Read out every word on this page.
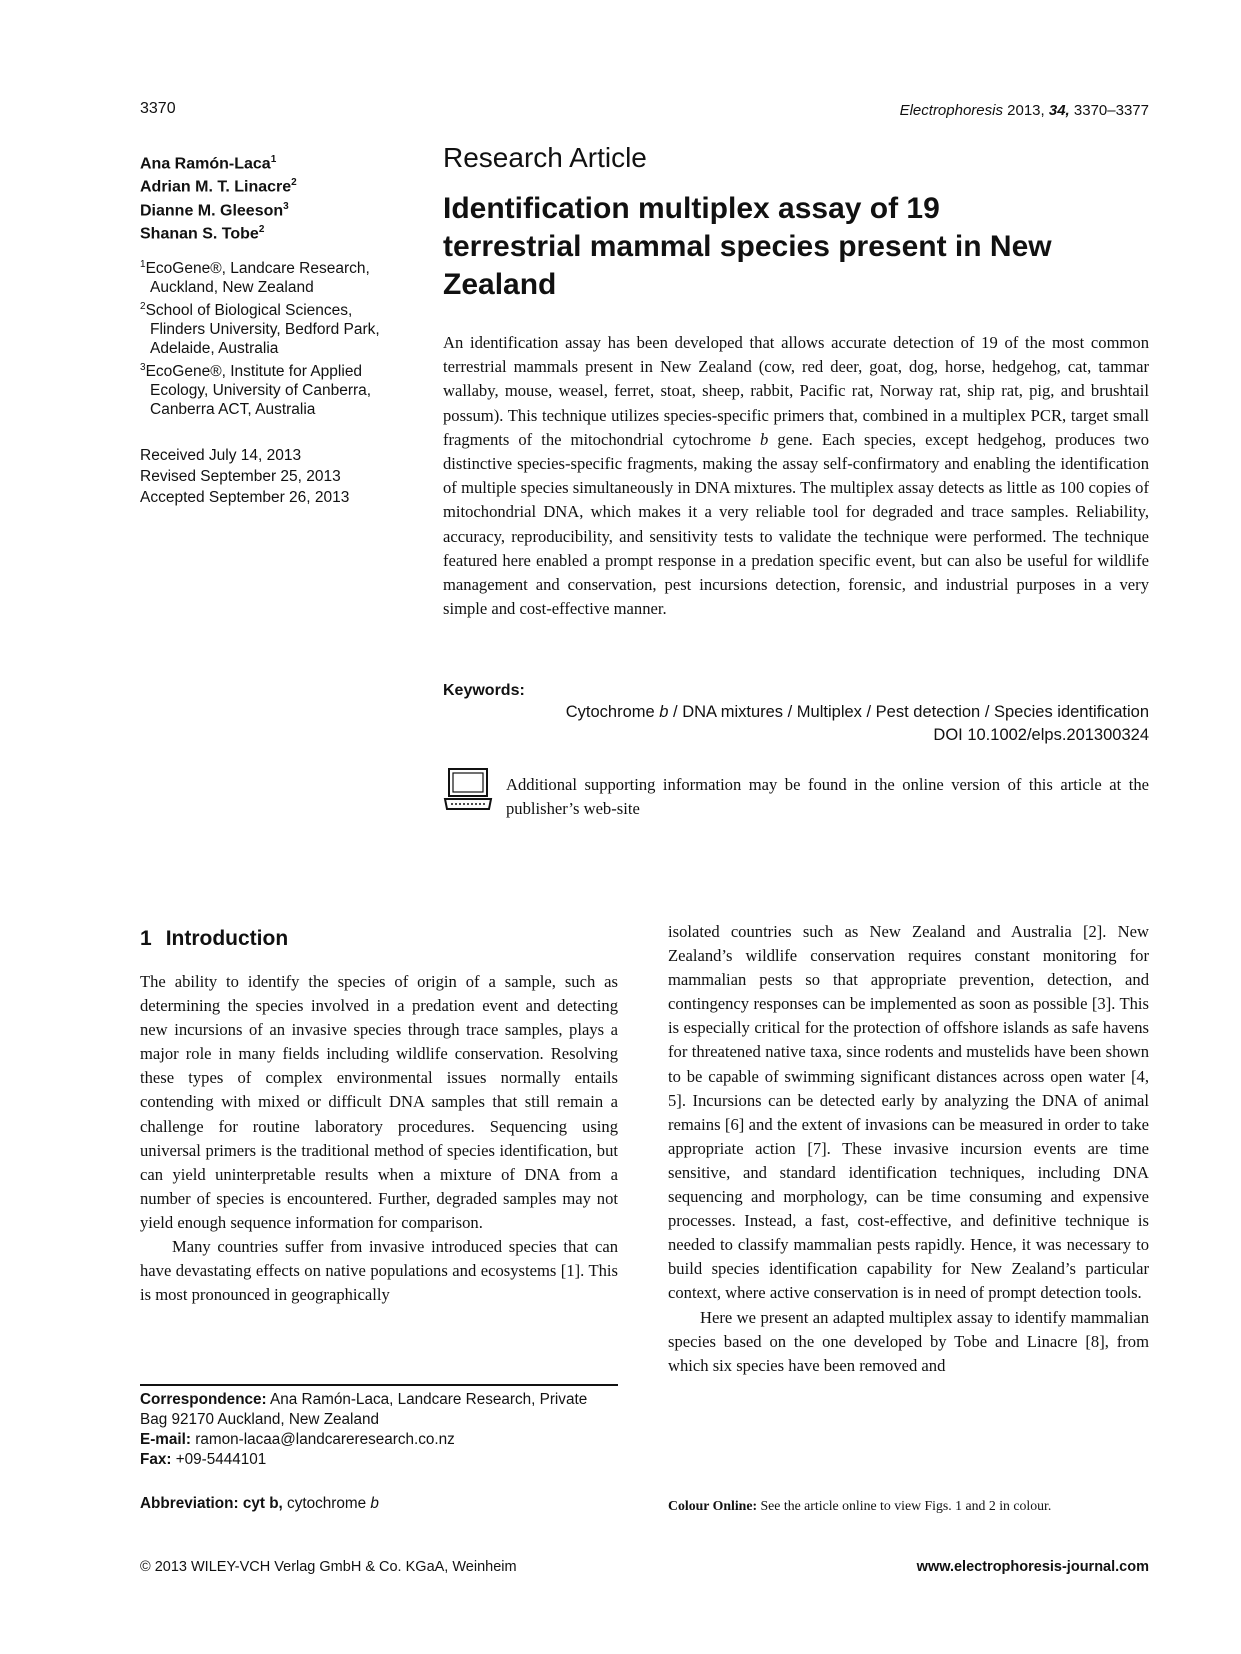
3370	Electrophoresis 2013, 34, 3370–3377
Ana Ramón-Laca$^1$
Adrian M. T. Linacre$^2$
Dianne M. Gleeson$^3$
Shanan S. Tobe$^2$
$^1$EcoGene®, Landcare Research, Auckland, New Zealand
$^2$School of Biological Sciences, Flinders University, Bedford Park, Adelaide, Australia
$^3$EcoGene®, Institute for Applied Ecology, University of Canberra, Canberra ACT, Australia
Received July 14, 2013
Revised September 25, 2013
Accepted September 26, 2013
Research Article
Identification multiplex assay of 19 terrestrial mammal species present in New Zealand
An identification assay has been developed that allows accurate detection of 19 of the most common terrestrial mammals present in New Zealand (cow, red deer, goat, dog, horse, hedgehog, cat, tammar wallaby, mouse, weasel, ferret, stoat, sheep, rabbit, Pacific rat, Norway rat, ship rat, pig, and brushtail possum). This technique utilizes species-specific primers that, combined in a multiplex PCR, target small fragments of the mitochondrial cytochrome b gene. Each species, except hedgehog, produces two distinctive species-specific fragments, making the assay self-confirmatory and enabling the identification of multiple species simultaneously in DNA mixtures. The multiplex assay detects as little as 100 copies of mitochondrial DNA, which makes it a very reliable tool for degraded and trace samples. Reliability, accuracy, reproducibility, and sensitivity tests to validate the technique were performed. The technique featured here enabled a prompt response in a predation specific event, but can also be useful for wildlife management and conservation, pest incursions detection, forensic, and industrial purposes in a very simple and cost-effective manner.
Keywords:
Cytochrome b / DNA mixtures / Multiplex / Pest detection / Species identification
DOI 10.1002/elps.201300324
Additional supporting information may be found in the online version of this article at the publisher’s web-site
1 Introduction

The ability to identify the species of origin of a sample, such as determining the species involved in a predation event and detecting new incursions of an invasive species through trace samples, plays a major role in many fields including wildlife conservation. Resolving these types of complex environmental issues normally entails contending with mixed or difficult DNA samples that still remain a challenge for routine laboratory procedures. Sequencing using universal primers is the traditional method of species identification, but can yield uninterpretable results when a mixture of DNA from a number of species is encountered. Further, degraded samples may not yield enough sequence information for comparison.

Many countries suffer from invasive introduced species that can have devastating effects on native populations and ecosystems [1]. This is most pronounced in geographically

isolated countries such as New Zealand and Australia [2]. New Zealand’s wildlife conservation requires constant monitoring for mammalian pests so that appropriate prevention, detection, and contingency responses can be implemented as soon as possible [3]. This is especially critical for the protection of offshore islands as safe havens for threatened native taxa, since rodents and mustelids have been shown to be capable of swimming significant distances across open water [4, 5]. Incursions can be detected early by analyzing the DNA of animal remains [6] and the extent of invasions can be measured in order to take appropriate action [7]. These invasive incursion events are time sensitive, and standard identification techniques, including DNA sequencing and morphology, can be time consuming and expensive processes. Instead, a fast, cost-effective, and definitive technique is needed to classify mammalian pests rapidly. Hence, it was necessary to build species identification capability for New Zealand’s particular context, where active conservation is in need of prompt detection tools.

Here we present an adapted multiplex assay to identify mammalian species based on the one developed by Tobe and Linacre [8], from which six species have been removed and

Correspondence: Ana Ramón-Laca, Landcare Research, Private Bag 92170 Auckland, New Zealand
E-mail: ramon-lacaa@landcareresearch.co.nz
Fax: +09-5444101
Abbreviation: cyt b, cytochrome b	Colour Online: See the article online to view Figs. 1 and 2 in colour.
© 2013 WILEY-VCH Verlag GmbH & Co. KGaA, Weinheim	www.electrophoresis-journal.com
